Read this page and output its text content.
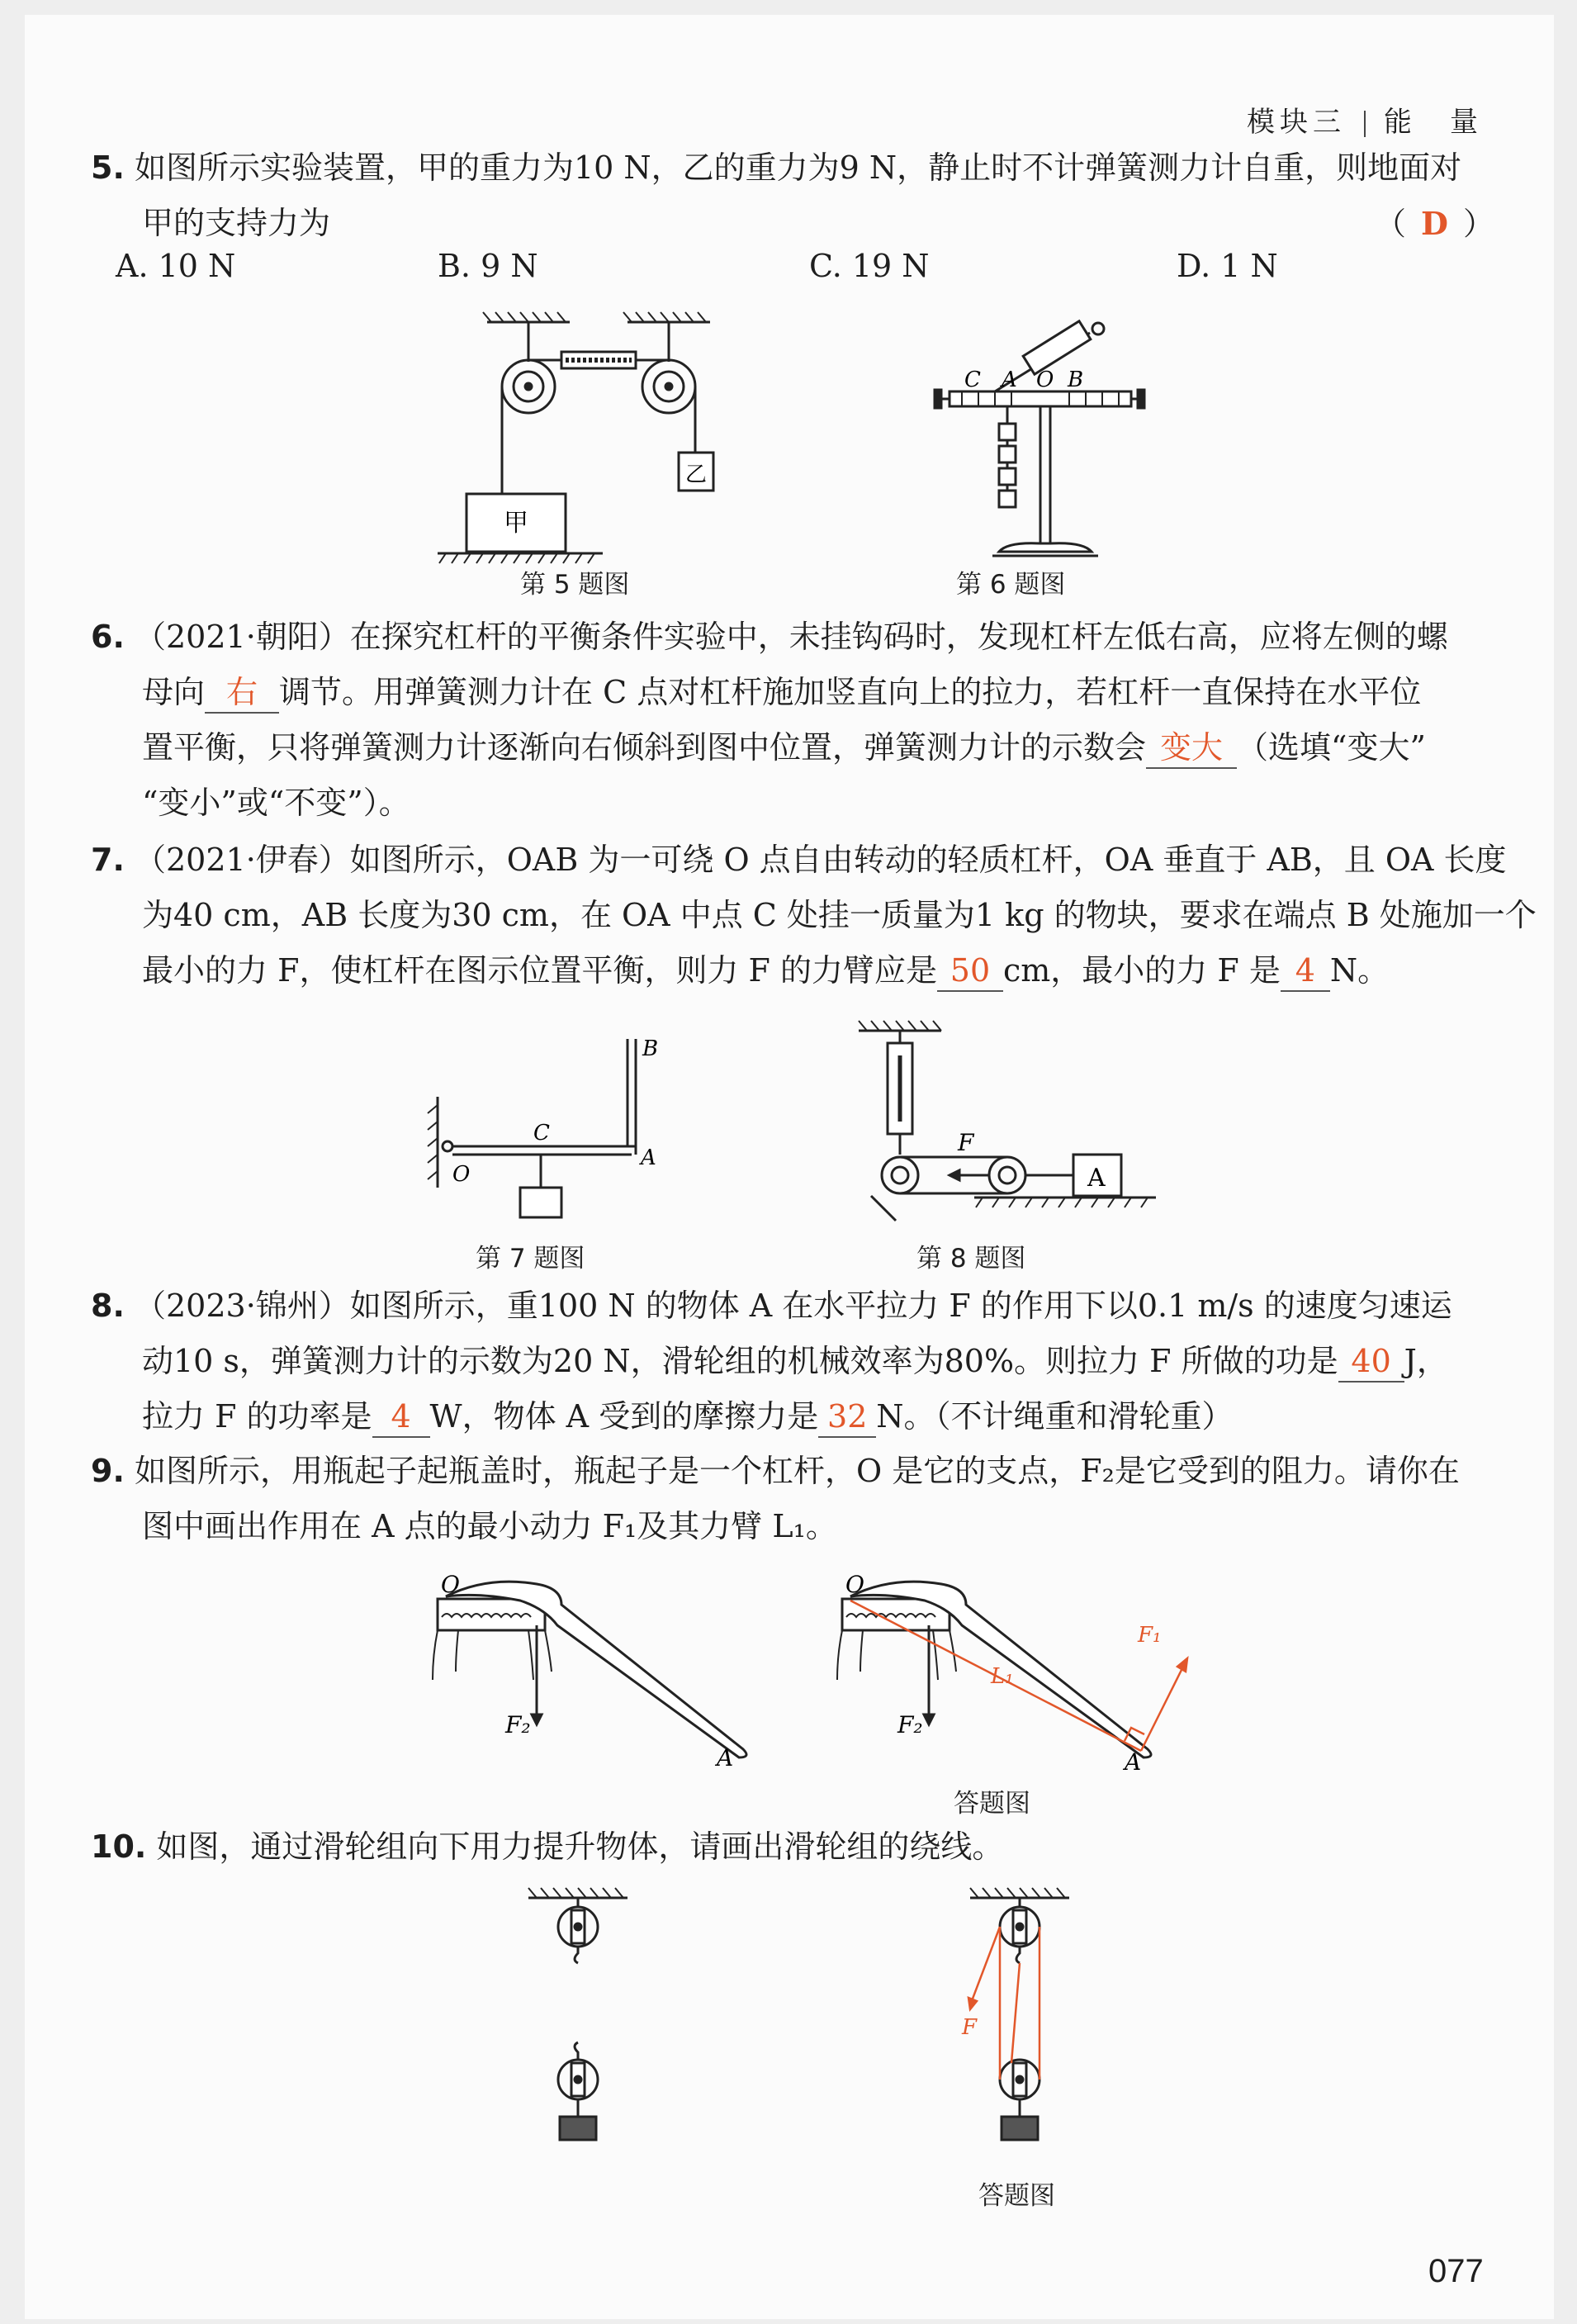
模块三 能　量
5. 如图所示实验装置，甲的重力为10 N，乙的重力为9 N，静止时不计弹簧测力计自重，则地面对
甲的支持力为	（ D ）
A. 10 N	B. 9 N	C. 19 N	D. 1 N
甲
乙
第 5 题图
C A O B
第 6 题图
6. （2021·朝阳）在探究杠杆的平衡条件实验中，未挂钩码时，发现杠杆左低右高，应将左侧的螺
母向 右 调节。用弹簧测力计在 C 点对杠杆施加竖直向上的拉力，若杠杆一直保持在水平位
置平衡，只将弹簧测力计逐渐向右倾斜到图中位置，弹簧测力计的示数会 变大 （选填“变大”
“变小”或“不变”）。
7. （2021·伊春）如图所示，OAB 为一可绕 O 点自由转动的轻质杠杆，OA 垂直于 AB，且 OA 长度
为40 cm，AB 长度为30 cm，在 OA 中点 C 处挂一质量为1 kg 的物块，要求在端点 B 处施加一个
最小的力 F，使杠杆在图示位置平衡，则力 F 的力臂应是 50 cm，最小的力 F 是 4 N。
B
O
C
A
第 7 题图
F
A
第 8 题图
8. （2023·锦州）如图所示，重100 N 的物体 A 在水平拉力 F 的作用下以0.1 m/s 的速度匀速运
动10 s，弹簧测力计的示数为20 N，滑轮组的机械效率为80%。则拉力 F 所做的功是 40 J，
拉力 F 的功率是 4 W，物体 A 受到的摩擦力是 32 N。（不计绳重和滑轮重）
9. 如图所示，用瓶起子起瓶盖时，瓶起子是一个杠杆，O 是它的支点，F₂是它受到的阻力。请你在
图中画出作用在 A 点的最小动力 F₁及其力臂 L₁。
O
F₂
A
O
F₂
L₁
F₁
A
答题图
10. 如图，通过滑轮组向下用力提升物体，请画出滑轮组的绕线。
F
答题图
077
